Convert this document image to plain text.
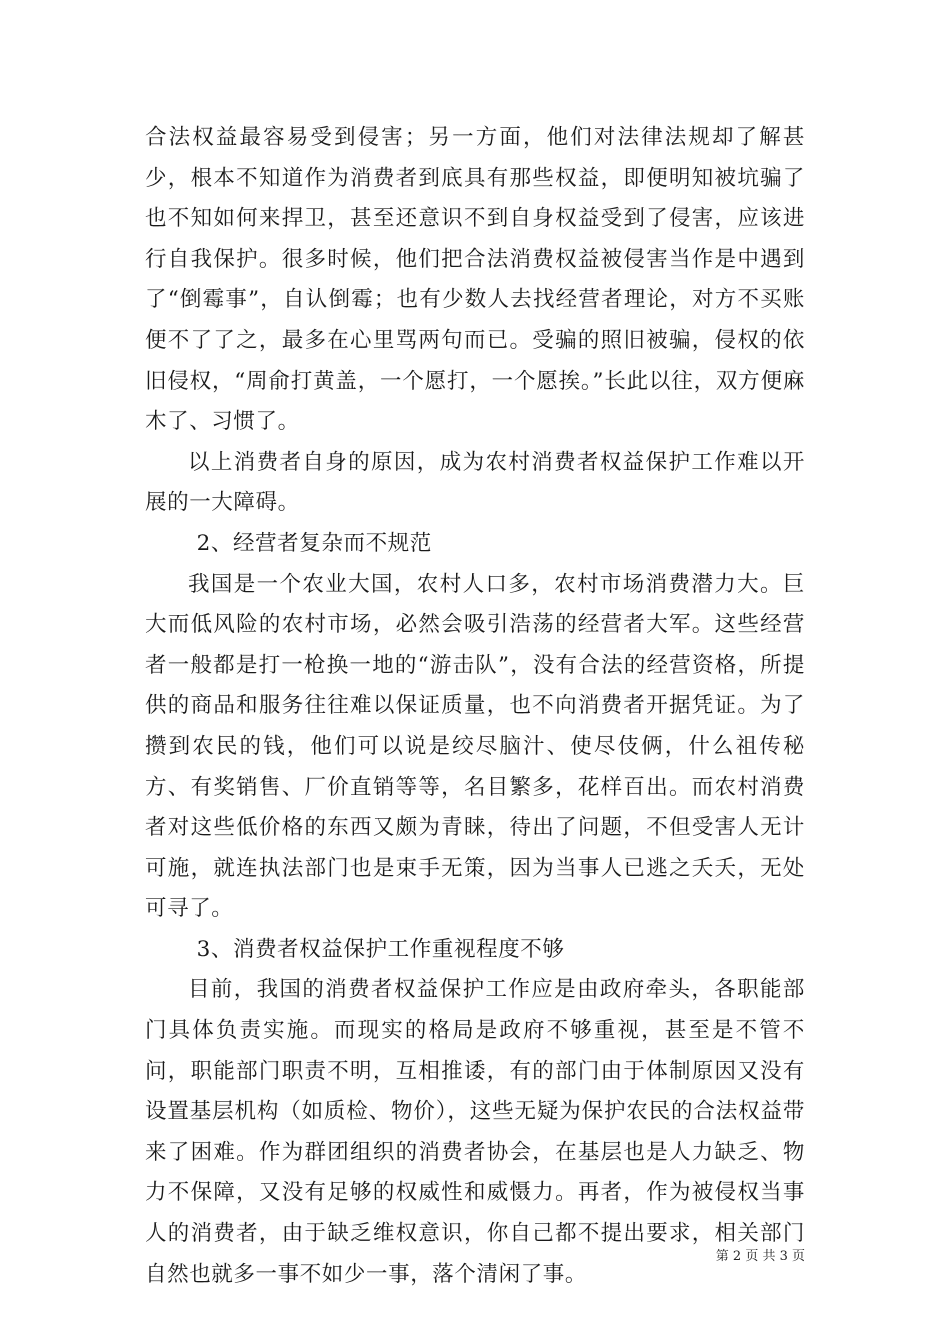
合法权益最容易受到侵害；另一方面，他们对法律法规却了解甚少，根本不知道作为消费者到底具有那些权益，即便明知被坑骗了也不知如何来捍卫，甚至还意识不到自身权益受到了侵害，应该进行自我保护。很多时候，他们把合法消费权益被侵害当作是中遇到了“倒霉事”，自认倒霉；也有少数人去找经营者理论，对方不买账便不了了之，最多在心里骂两句而已。受骗的照旧被骗，侵权的依旧侵权，“周俞打黄盖，一个愿打，一个愿挨。”长此以往，双方便麻木了、习惯了。

以上消费者自身的原因，成为农村消费者权益保护工作难以开展的一大障碍。

2、经营者复杂而不规范

我国是一个农业大国，农村人口多，农村市场消费潜力大。巨大而低风险的农村市场，必然会吸引浩荡的经营者大军。这些经营者一般都是打一枪换一地的“游击队”，没有合法的经营资格，所提供的商品和服务往往难以保证质量，也不向消费者开据凭证。为了攒到农民的钱，他们可以说是绞尽脑汁、使尽伎俩，什么祖传秘方、有奖销售、厂价直销等等，名目繁多，花样百出。而农村消费者对这些低价格的东西又颇为青睐，待出了问题，不但受害人无计可施，就连执法部门也是束手无策，因为当事人已逃之夭夭，无处可寻了。

3、消费者权益保护工作重视程度不够

目前，我国的消费者权益保护工作应是由政府牵头，各职能部门具体负责实施。而现实的格局是政府不够重视，甚至是不管不问，职能部门职责不明，互相推诿，有的部门由于体制原因又没有设置基层机构（如质检、物价），这些无疑为保护农民的合法权益带来了困难。作为群团组织的消费者协会，在基层也是人力缺乏、物力不保障，又没有足够的权威性和威慑力。再者，作为被侵权当事人的消费者，由于缺乏维权意识，你自己都不提出要求，相关部门自然也就多一事不如少一事，落个清闲了事。

第 2 页 共 3 页
